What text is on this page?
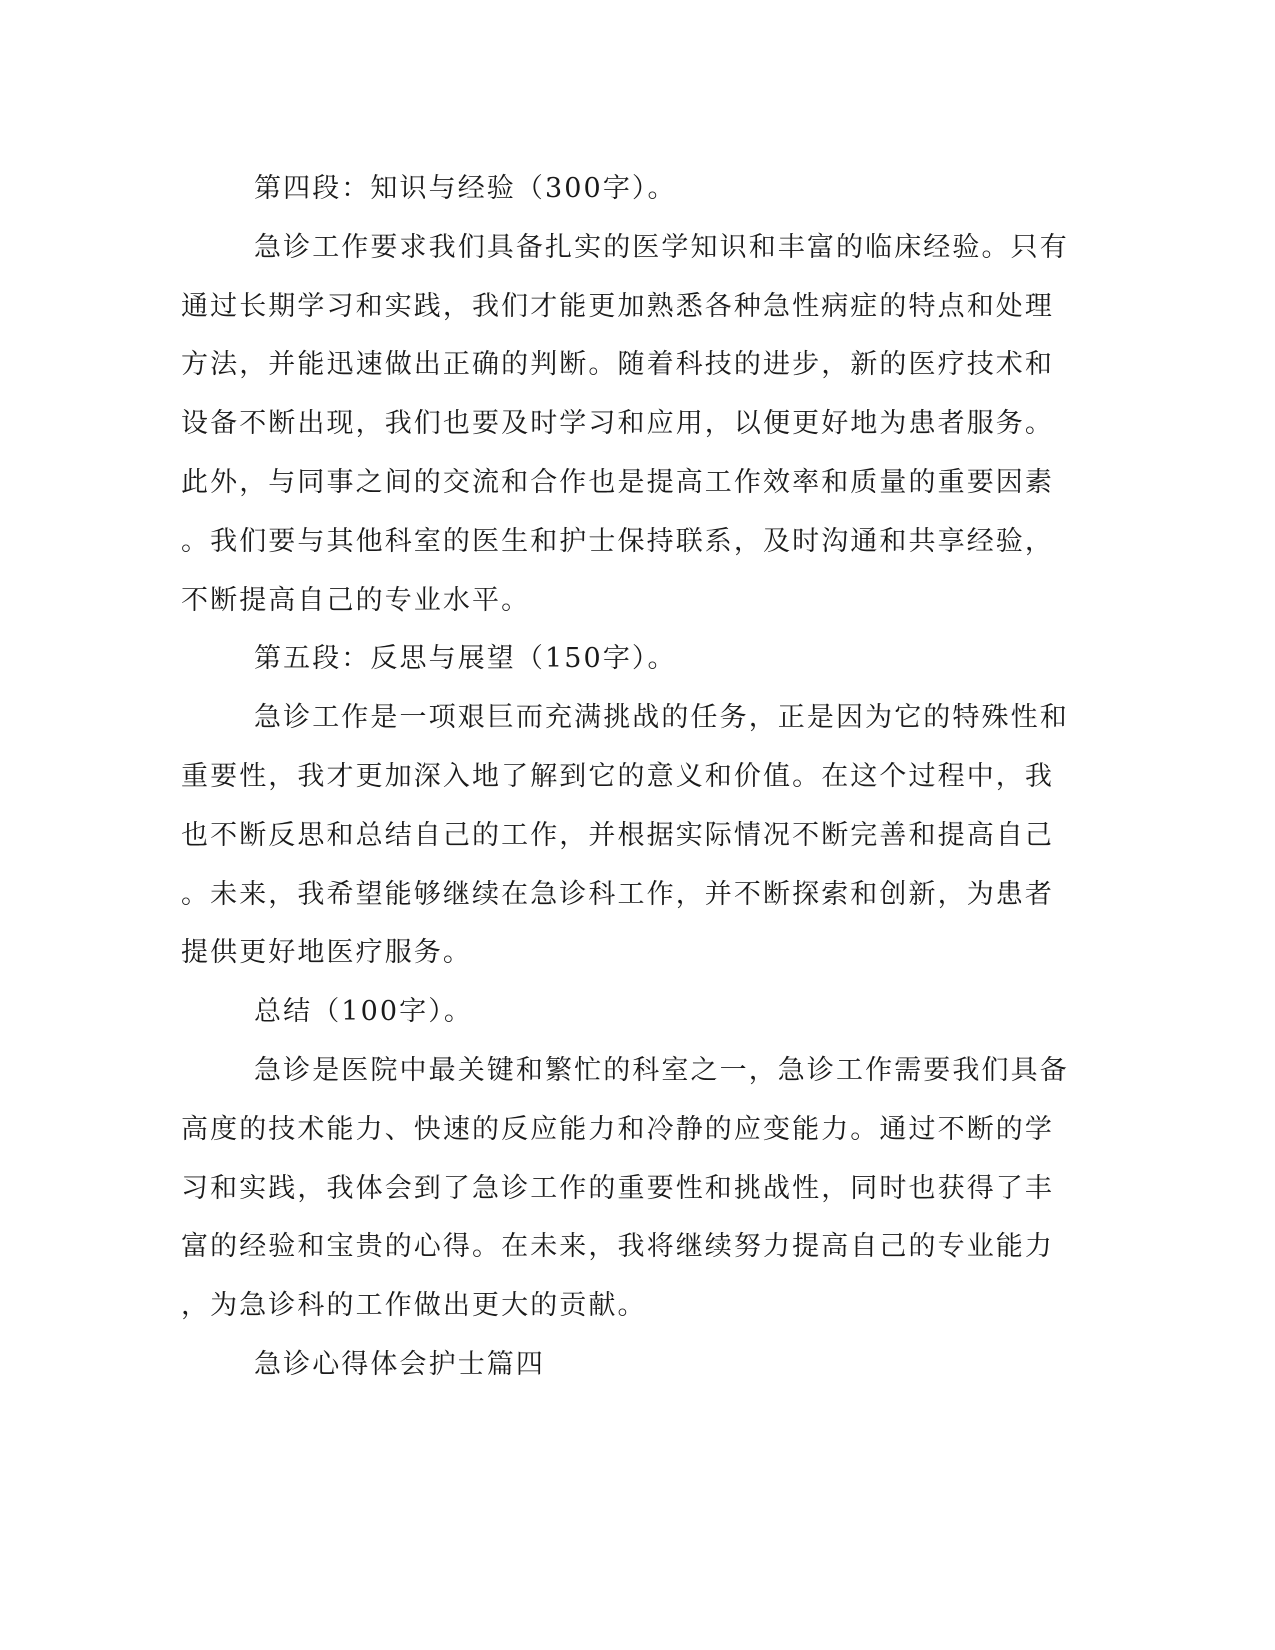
第四段：知识与经验（300字）。
急诊工作要求我们具备扎实的医学知识和丰富的临床经验。只有
通过长期学习和实践，我们才能更加熟悉各种急性病症的特点和处理
方法，并能迅速做出正确的判断。随着科技的进步，新的医疗技术和
设备不断出现，我们也要及时学习和应用，以便更好地为患者服务。
此外，与同事之间的交流和合作也是提高工作效率和质量的重要因素
。我们要与其他科室的医生和护士保持联系，及时沟通和共享经验，
不断提高自己的专业水平。
第五段：反思与展望（150字）。
急诊工作是一项艰巨而充满挑战的任务，正是因为它的特殊性和
重要性，我才更加深入地了解到它的意义和价值。在这个过程中，我
也不断反思和总结自己的工作，并根据实际情况不断完善和提高自己
。未来，我希望能够继续在急诊科工作，并不断探索和创新，为患者
提供更好地医疗服务。
总结（100字）。
急诊是医院中最关键和繁忙的科室之一，急诊工作需要我们具备
高度的技术能力、快速的反应能力和冷静的应变能力。通过不断的学
习和实践，我体会到了急诊工作的重要性和挑战性，同时也获得了丰
富的经验和宝贵的心得。在未来，我将继续努力提高自己的专业能力
，为急诊科的工作做出更大的贡献。
急诊心得体会护士篇四
